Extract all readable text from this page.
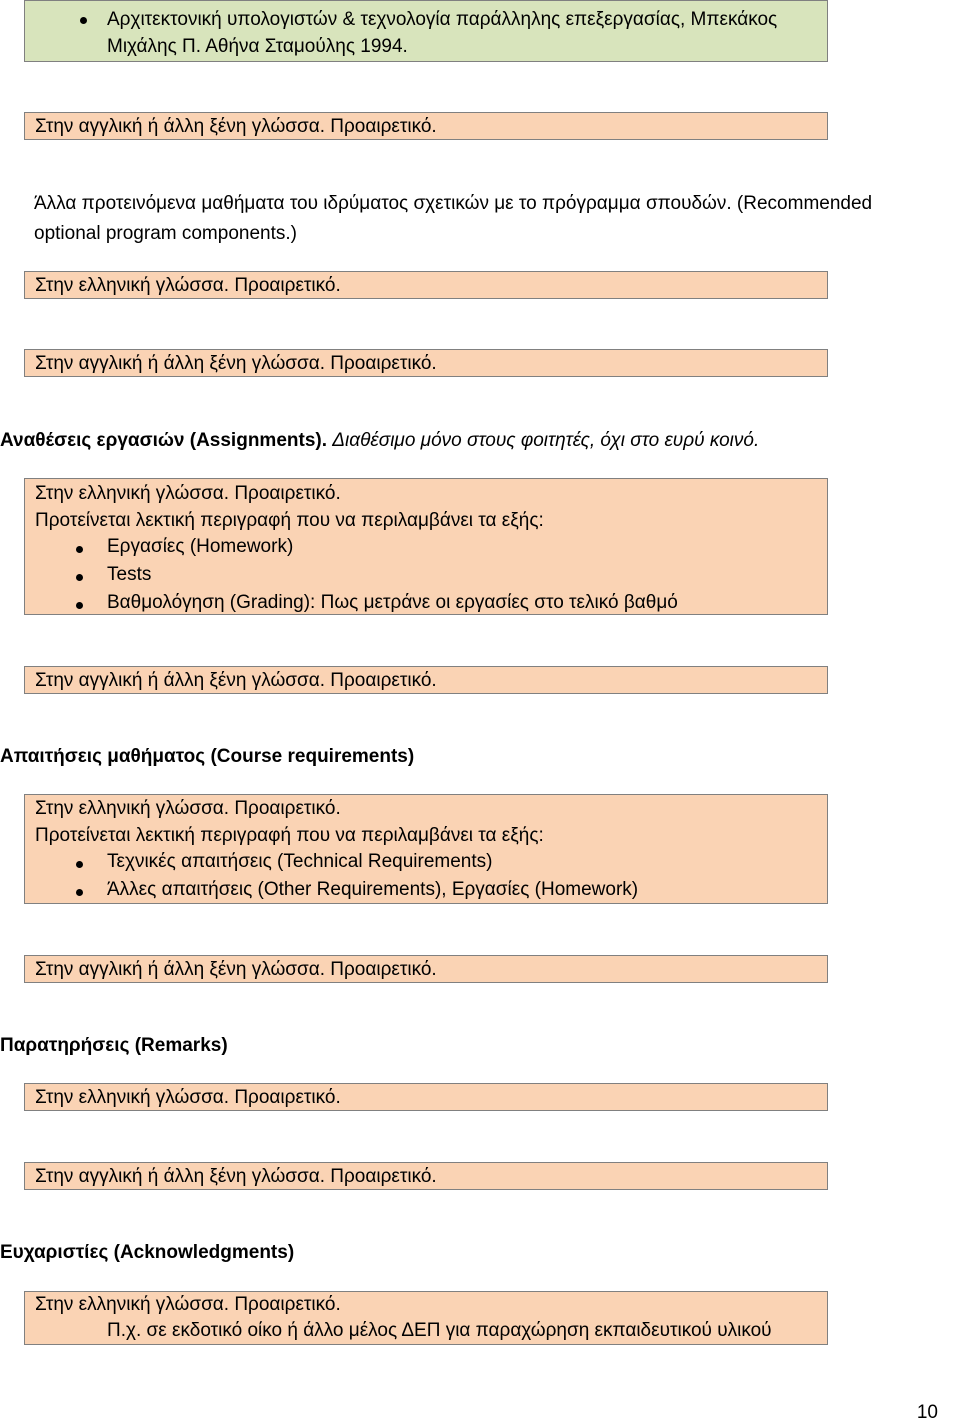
Αρχιτεκτονική υπολογιστών & τεχνολογία παράλληλης επεξεργασίας, Μπεκάκος
Μιχάλης Π. Αθήνα Σταμούλης 1994.
Στην αγγλική ή άλλη ξένη γλώσσα. Προαιρετικό.
Άλλα προτεινόμενα μαθήματα του ιδρύματος σχετικών με το πρόγραμμα σπουδών. (Recommended
optional program components.)
Στην ελληνική γλώσσα. Προαιρετικό.
Στην αγγλική ή άλλη ξένη γλώσσα. Προαιρετικό.
Αναθέσεις εργασιών (Assignments). Διαθέσιμο μόνο στους φοιτητές, όχι στο ευρύ κοινό.
Στην ελληνική γλώσσα. Προαιρετικό.
Προτείνεται λεκτική περιγραφή που να περιλαμβάνει τα εξής:
Εργασίες (Homework)
Tests
Βαθμολόγηση (Grading): Πως μετράνε οι εργασίες στο τελικό βαθμό
Στην αγγλική ή άλλη ξένη γλώσσα. Προαιρετικό.
Απαιτήσεις μαθήματος (Course requirements)
Στην ελληνική γλώσσα. Προαιρετικό.
Προτείνεται λεκτική περιγραφή που να περιλαμβάνει τα εξής:
Τεχνικές απαιτήσεις (Technical Requirements)
Άλλες απαιτήσεις (Other Requirements), Εργασίες (Homework)
Στην αγγλική ή άλλη ξένη γλώσσα. Προαιρετικό.
Παρατηρήσεις (Remarks)
Στην ελληνική γλώσσα. Προαιρετικό.
Στην αγγλική ή άλλη ξένη γλώσσα. Προαιρετικό.
Ευχαριστίες (Acknowledgments)
Στην ελληνική γλώσσα. Προαιρετικό.
Π.χ. σε εκδοτικό οίκο ή άλλο μέλος ΔΕΠ για παραχώρηση εκπαιδευτικού υλικού
10
